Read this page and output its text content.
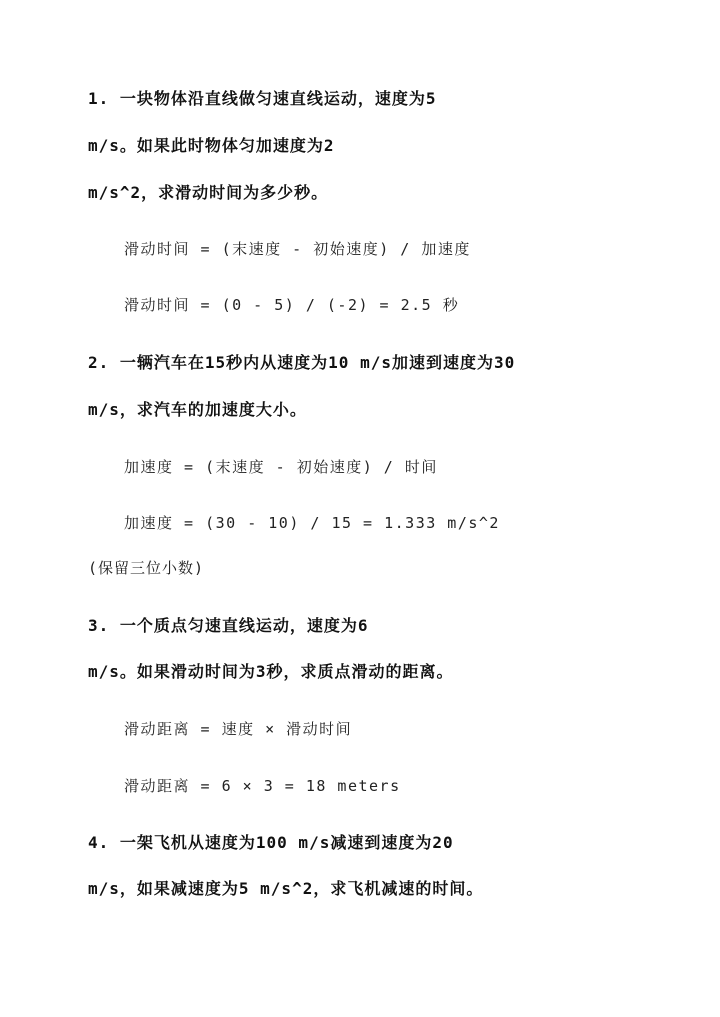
1. 一块物体沿直线做匀速直线运动，速度为5
m/s。如果此时物体匀加速度为2
m/s^2，求滑动时间为多少秒。
滑动时间 = (末速度 - 初始速度) / 加速度
滑动时间 = (0 - 5) / (-2) = 2.5 秒
2. 一辆汽车在15秒内从速度为10 m/s加速到速度为30
m/s，求汽车的加速度大小。
加速度 = (末速度 - 初始速度) / 时间
加速度 = (30 - 10) / 15 = 1.333 m/s^2
(保留三位小数)
3. 一个质点匀速直线运动，速度为6
m/s。如果滑动时间为3秒，求质点滑动的距离。
滑动距离 = 速度 × 滑动时间
滑动距离 = 6 × 3 = 18 meters
4. 一架飞机从速度为100 m/s减速到速度为20
m/s，如果减速度为5 m/s^2，求飞机减速的时间。
